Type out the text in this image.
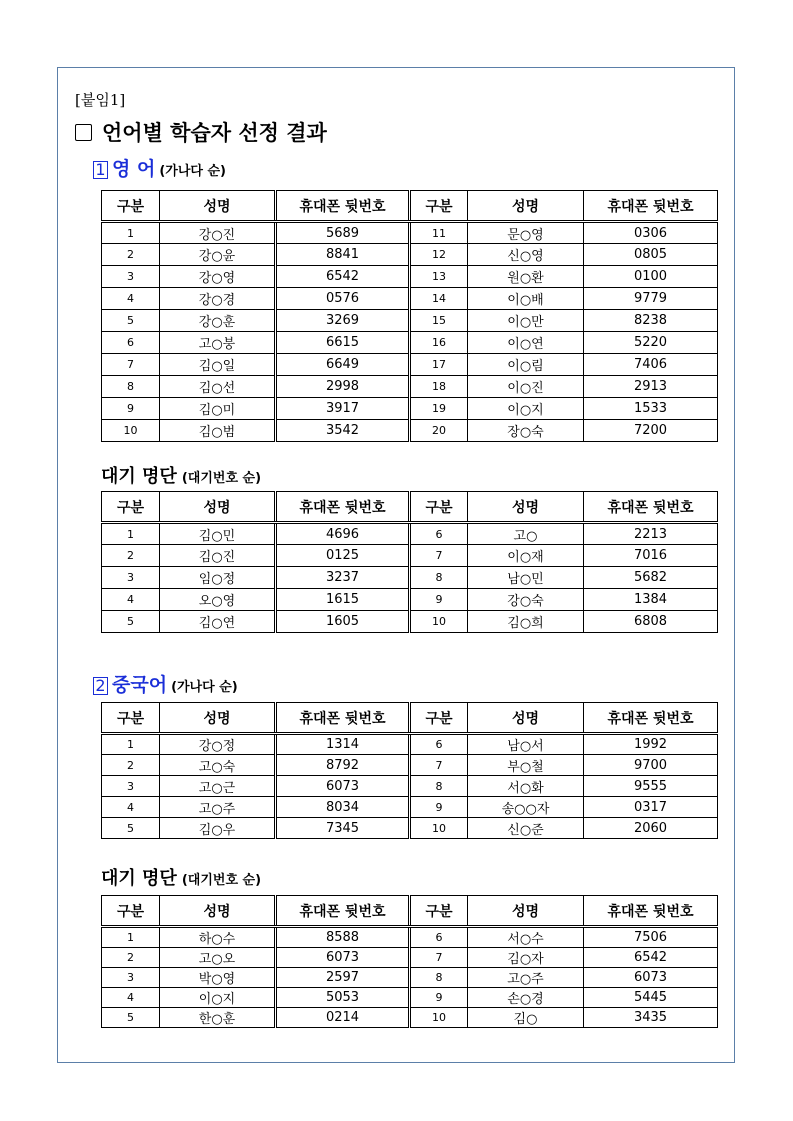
[붙임1]
언어별 학습자 선정 결과
1 영 어 (가나다 순)
구분	성명	휴대폰 뒷번호	구분	성명	휴대폰 뒷번호
1	강○진	5689	11	문○영	0306
2	강○윤	8841	12	신○영	0805
3	강○영	6542	13	원○환	0100
4	강○경	0576	14	이○배	9779
5	강○훈	3269	15	이○만	8238
6	고○붕	6615	16	이○연	5220
7	김○일	6649	17	이○림	7406
8	김○선	2998	18	이○진	2913
9	김○미	3917	19	이○지	1533
10	김○범	3542	20	장○숙	7200
대기 명단 (대기번호 순)
구분	성명	휴대폰 뒷번호	구분	성명	휴대폰 뒷번호
1	김○민	4696	6	고○	2213
2	김○진	0125	7	이○재	7016
3	임○정	3237	8	남○민	5682
4	오○영	1615	9	강○숙	1384
5	김○연	1605	10	김○희	6808
2 중국어 (가나다 순)
구분	성명	휴대폰 뒷번호	구분	성명	휴대폰 뒷번호
1	강○정	1314	6	남○서	1992
2	고○숙	8792	7	부○철	9700
3	고○근	6073	8	서○화	9555
4	고○주	8034	9	송○○자	0317
5	김○우	7345	10	신○준	2060
대기 명단 (대기번호 순)
구분	성명	휴대폰 뒷번호	구분	성명	휴대폰 뒷번호
1	하○수	8588	6	서○수	7506
2	고○오	6073	7	김○자	6542
3	박○영	2597	8	고○주	6073
4	이○지	5053	9	손○경	5445
5	한○훈	0214	10	김○	3435
